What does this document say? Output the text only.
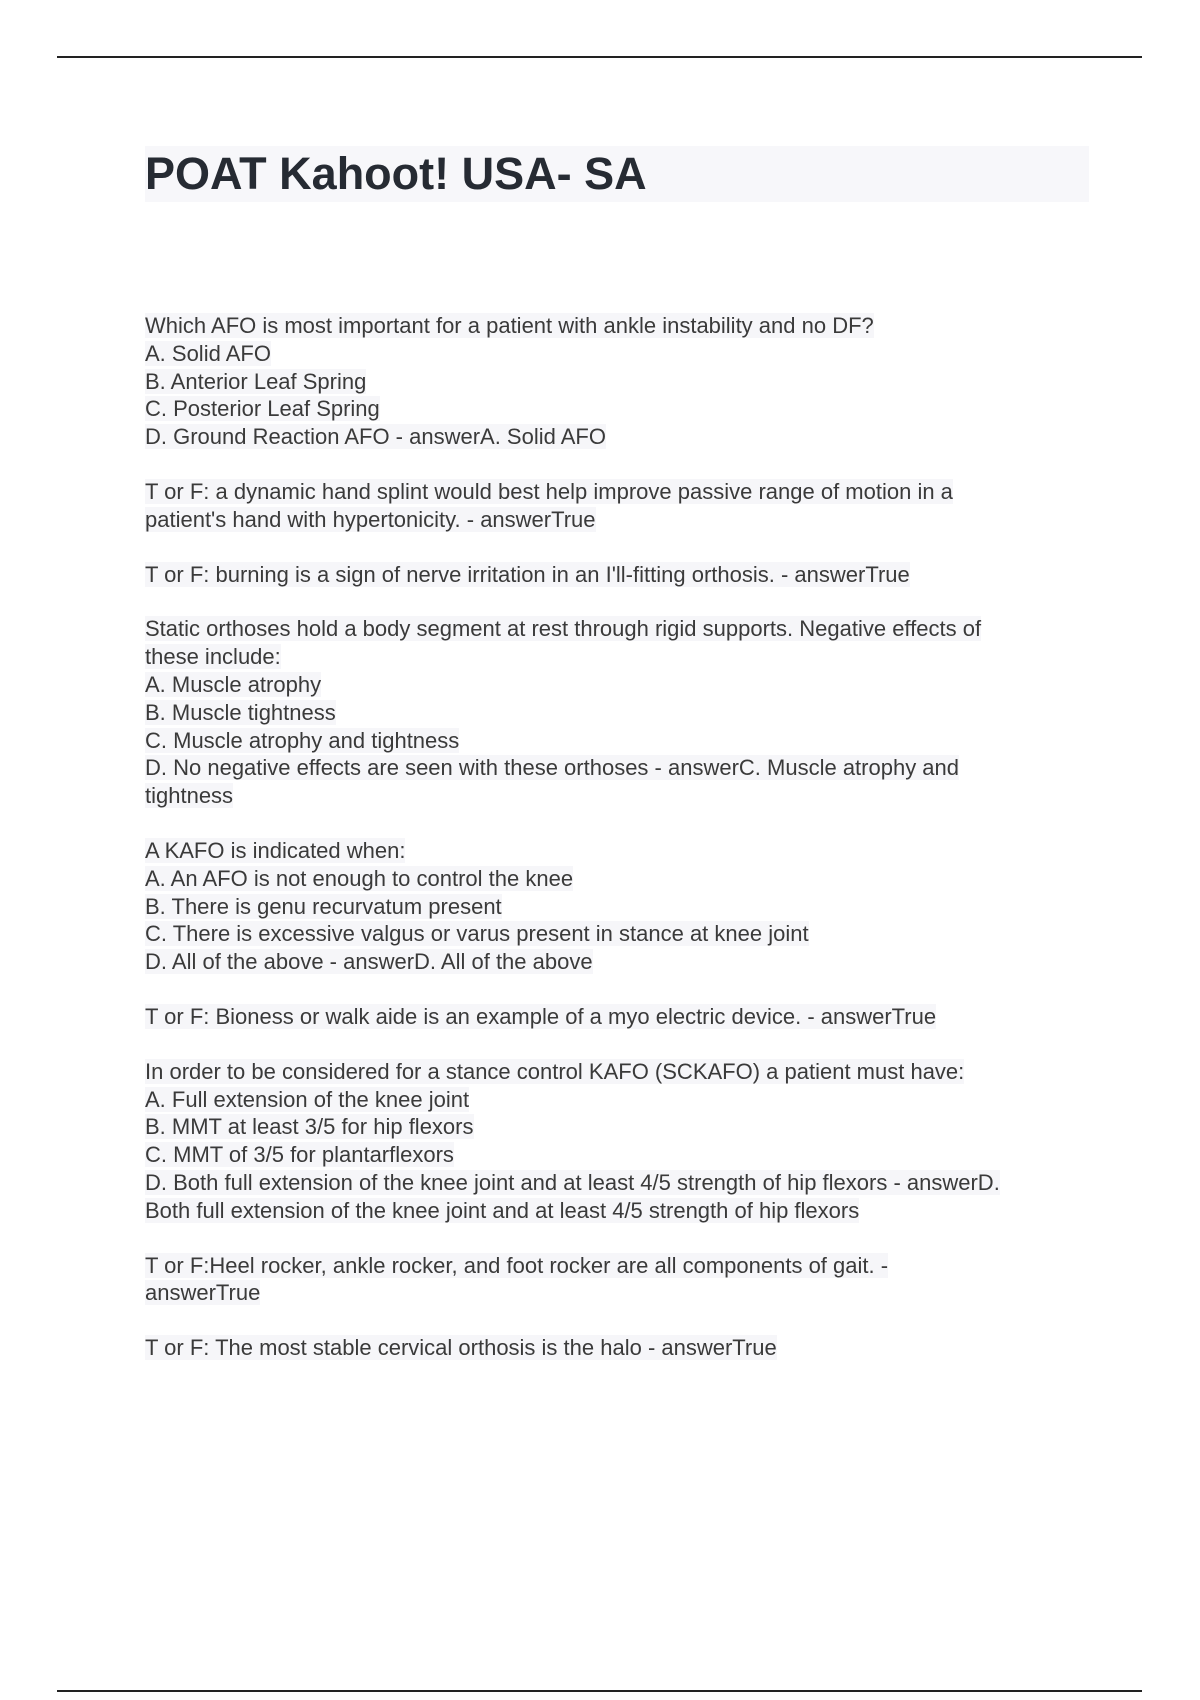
POAT Kahoot! USA- SA
Which AFO is most important for a patient with ankle instability and no DF?
A. Solid AFO
B. Anterior Leaf Spring
C. Posterior Leaf Spring
D. Ground Reaction AFO - answerA. Solid AFO
T or F: a dynamic hand splint would best help improve passive range of motion in a
patient's hand with hypertonicity. - answerTrue
T or F: burning is a sign of nerve irritation in an I'll-fitting orthosis. - answerTrue
Static orthoses hold a body segment at rest through rigid supports. Negative effects of
these include:
A. Muscle atrophy
B. Muscle tightness
C. Muscle atrophy and tightness
D. No negative effects are seen with these orthoses - answerC. Muscle atrophy and
tightness
A KAFO is indicated when:
A. An AFO is not enough to control the knee
B. There is genu recurvatum present
C. There is excessive valgus or varus present in stance at knee joint
D. All of the above - answerD. All of the above
T or F: Bioness or walk aide is an example of a myo electric device. - answerTrue
In order to be considered for a stance control KAFO (SCKAFO) a patient must have:
A. Full extension of the knee joint
B. MMT at least 3/5 for hip flexors
C. MMT of 3/5 for plantarflexors
D. Both full extension of the knee joint and at least 4/5 strength of hip flexors - answerD.
Both full extension of the knee joint and at least 4/5 strength of hip flexors
T or F:Heel rocker, ankle rocker, and foot rocker are all components of gait. -
answerTrue
T or F: The most stable cervical orthosis is the halo - answerTrue
